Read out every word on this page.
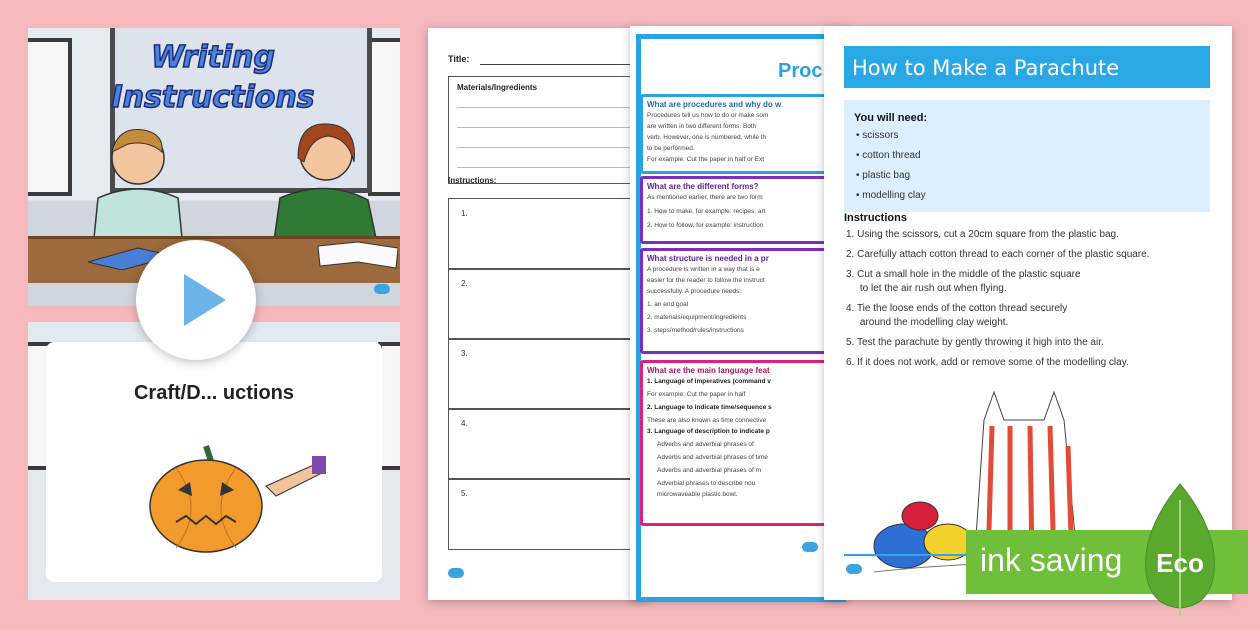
Writing
Instructions
Craft/D... uctions
Title:
Materials/Ingredients
Instructions:
1.
2.
3.
4.
5.
Proc
What are procedures and why do w
Procedures tell us how to do or make som
are written in two different forms. Both
verb. However, one is numbered, while th
to be performed.
For example: Cut the paper in half or Ext
What are the different forms?
As mentioned earlier, there are two form
1. How to make, for example: recipes, art
2. How to follow, for example: instruction
What structure is needed in a pr
A procedure is written in a way that is e
easier for the reader to follow the instruct
successfully. A procedure needs:
1. an end goal
2. materials/equipment/ingredients
3. steps/method/rules/instructions
What are the main language feat
1. Language of imperatives (command v
For example: Cut the paper in half
2. Language to indicate time/sequence s
These are also known as time connective
3. Language of description to indicate p
Adverbs and adverbial phrases of
Adverbs and adverbial phrases of time
Adverbs and adverbial phrases of m
Adverbial phrases to describe nou
microwaveable plastic bowl.
How to Make a Parachute
You will need:
• scissors
• cotton thread
• plastic bag
• modelling clay
Instructions
1. Using the scissors, cut a 20cm square from the plastic bag.
2. Carefully attach cotton thread to each corner of the plastic square.
3. Cut a small hole in the middle of the plastic square
to let the air rush out when flying.
4. Tie the loose ends of the cotton thread securely
around the modelling clay weight.
5. Test the parachute by gently throwing it high into the air.
6. If it does not work, add or remove some of the modelling clay.
ink saving Eco
